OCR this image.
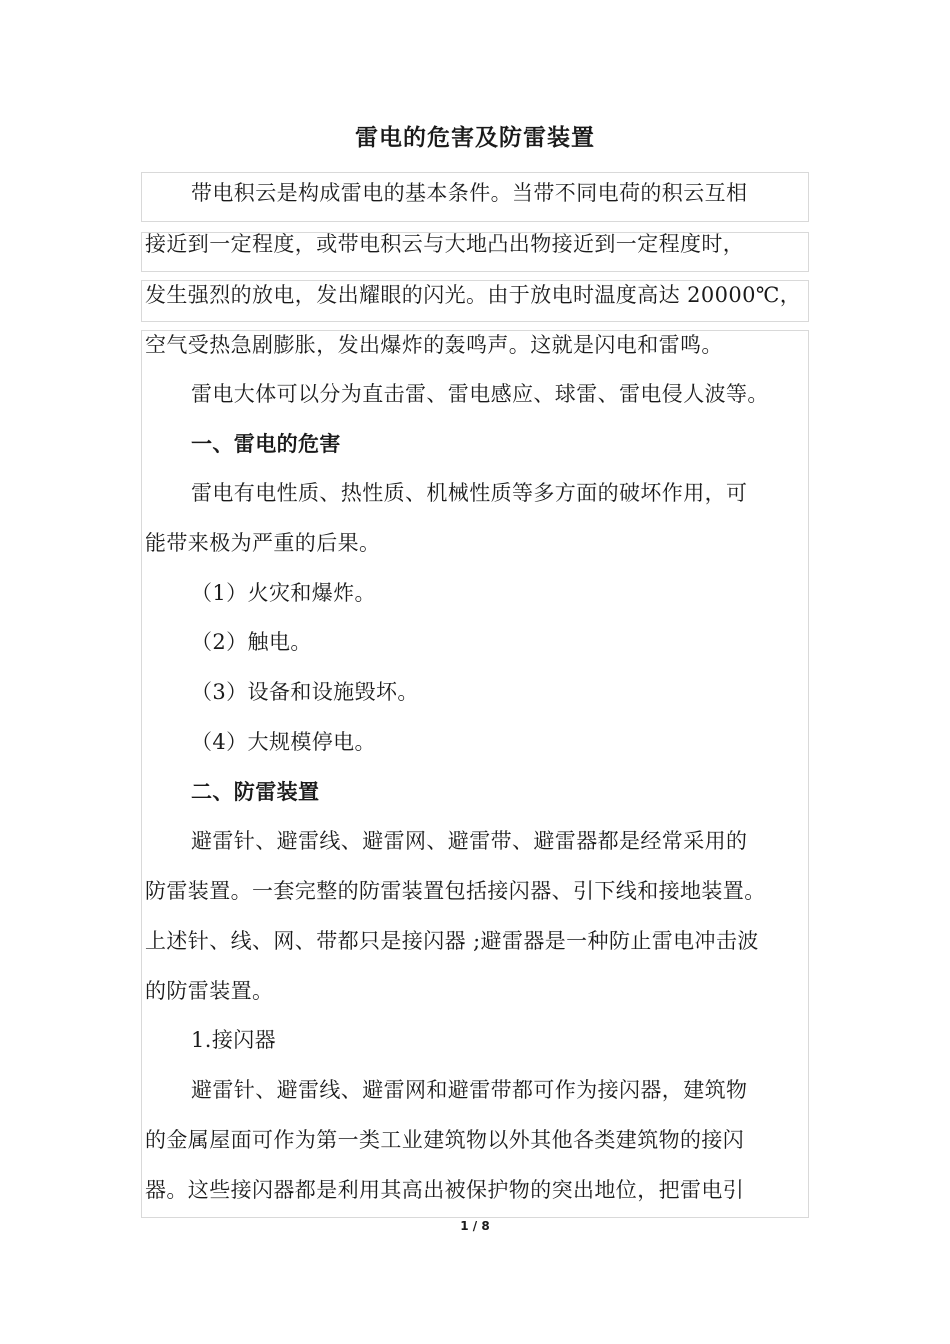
雷电的危害及防雷装置
带电积云是构成雷电的基本条件。当带不同电荷的积云互相
接近到一定程度，或带电积云与大地凸出物接近到一定程度时，
发生强烈的放电，发出耀眼的闪光。由于放电时温度高达 20000℃，
空气受热急剧膨胀，发出爆炸的轰鸣声。这就是闪电和雷鸣。
雷电大体可以分为直击雷、雷电感应、球雷、雷电侵人波等。
一、雷电的危害
雷电有电性质、热性质、机械性质等多方面的破坏作用，可
能带来极为严重的后果。
（1）火灾和爆炸。
（2）触电。
（3）设备和设施毁坏。
（4）大规模停电。
二、防雷装置
避雷针、避雷线、避雷网、避雷带、避雷器都是经常采用的
防雷装置。一套完整的防雷装置包括接闪器、引下线和接地装置。
上述针、线、网、带都只是接闪器 ;避雷器是一种防止雷电冲击波
的防雷装置。
1.接闪器
避雷针、避雷线、避雷网和避雷带都可作为接闪器，建筑物
的金属屋面可作为第一类工业建筑物以外其他各类建筑物的接闪
器。这些接闪器都是利用其高出被保护物的突出地位，把雷电引
1 / 8
